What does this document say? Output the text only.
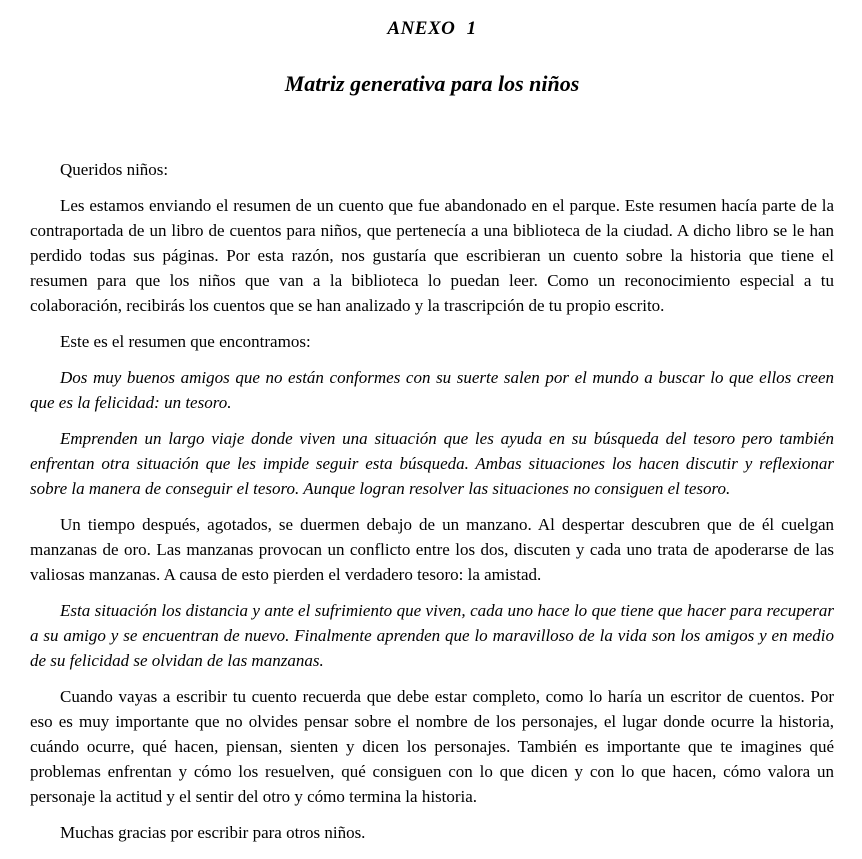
ANEXO 1
Matriz generativa para los niños

Queridos niños:

Les estamos enviando el resumen de un cuento que fue abandonado en el parque. Este resumen hacía parte de la contraportada de un libro de cuentos para niños, que pertenecía a una biblioteca de la ciudad. A dicho libro se le han perdido todas sus páginas. Por esta razón, nos gustaría que escribieran un cuento sobre la historia que tiene el resumen para que los niños que van a la biblioteca lo puedan leer. Como un reconocimiento especial a tu colaboración, recibirás los cuentos que se han analizado y la trascripción de tu propio escrito.

Este es el resumen que encontramos:

Dos muy buenos amigos que no están conformes con su suerte salen por el mundo a buscar lo que ellos creen que es la felicidad: un tesoro.

Emprenden un largo viaje donde viven una situación que les ayuda en su búsqueda del tesoro pero también enfrentan otra situación que les impide seguir esta búsqueda. Ambas situaciones los hacen discutir y reflexionar sobre la manera de conseguir el tesoro. Aunque logran resolver las situaciones no consiguen el tesoro.

Un tiempo después, agotados, se duermen debajo de un manzano. Al despertar descubren que de él cuelgan manzanas de oro. Las manzanas provocan un conflicto entre los dos, discuten y cada uno trata de apoderarse de las valiosas manzanas. A causa de esto pierden el verdadero tesoro: la amistad.

Esta situación los distancia y ante el sufrimiento que viven, cada uno hace lo que tiene que hacer para recuperar a su amigo y se encuentran de nuevo. Finalmente aprenden que lo maravilloso de la vida son los amigos y en medio de su felicidad se olvidan de las manzanas.

Cuando vayas a escribir tu cuento recuerda que debe estar completo, como lo haría un escritor de cuentos. Por eso es muy importante que no olvides pensar sobre el nombre de los personajes, el lugar donde ocurre la historia, cuándo ocurre, qué hacen, piensan, sienten y dicen los personajes. También es importante que te imagines qué problemas enfrentan y cómo los resuelven, qué consiguen con lo que dicen y con lo que hacen, cómo valora un personaje la actitud y el sentir del otro y cómo termina la historia.

Muchas gracias por escribir para otros niños.
